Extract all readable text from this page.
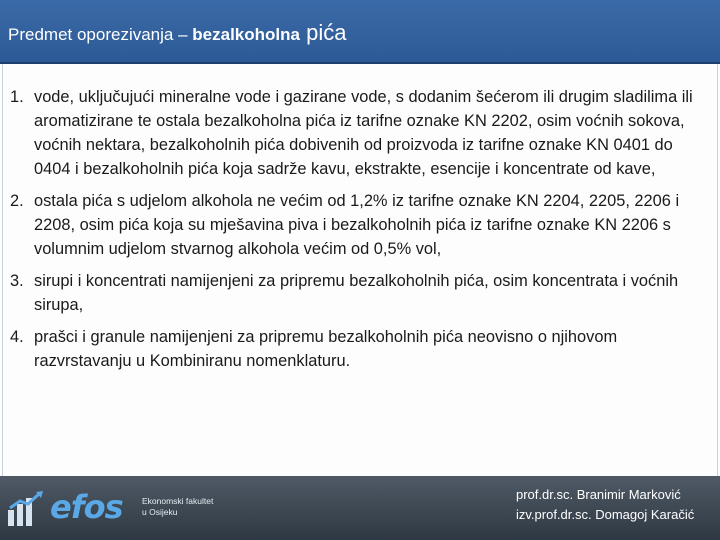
Predmet oporezivanja – bezalkoholna pića
1. vode, uključujući mineralne vode i gazirane vode, s dodanim šećerom ili drugim sladilima ili aromatizirane te ostala bezalkoholna pića iz tarifne oznake KN 2202, osim voćnih sokova, voćnih nektara, bezalkoholnih pića dobivenih od proizvoda iz tarifne oznake KN 0401 do 0404 i bezalkoholnih pića koja sadrže kavu, ekstrakte, esencije i koncentrate od kave,
2. ostala pića s udjelom alkohola ne većim od 1,2% iz tarifne oznake KN 2204, 2205, 2206 i 2208, osim pića koja su mješavina piva i bezalkoholnih pića iz tarifne oznake KN 2206 s volumnim udjelom stvarnog alkohola većim od 0,5% vol,
3. sirupi i koncentrati namijenjeni za pripremu bezalkoholnih pića, osim koncentrata i voćnih sirupa,
4. prašci i granule namijenjeni za pripremu bezalkoholnih pića neovisno o njihovom razvrstavanju u Kombiniranu nomenklaturu.
efos Ekonomski fakultet
u Osijeku
prof.dr.sc. Branimir Marković
izv.prof.dr.sc. Domagoj Karačić
